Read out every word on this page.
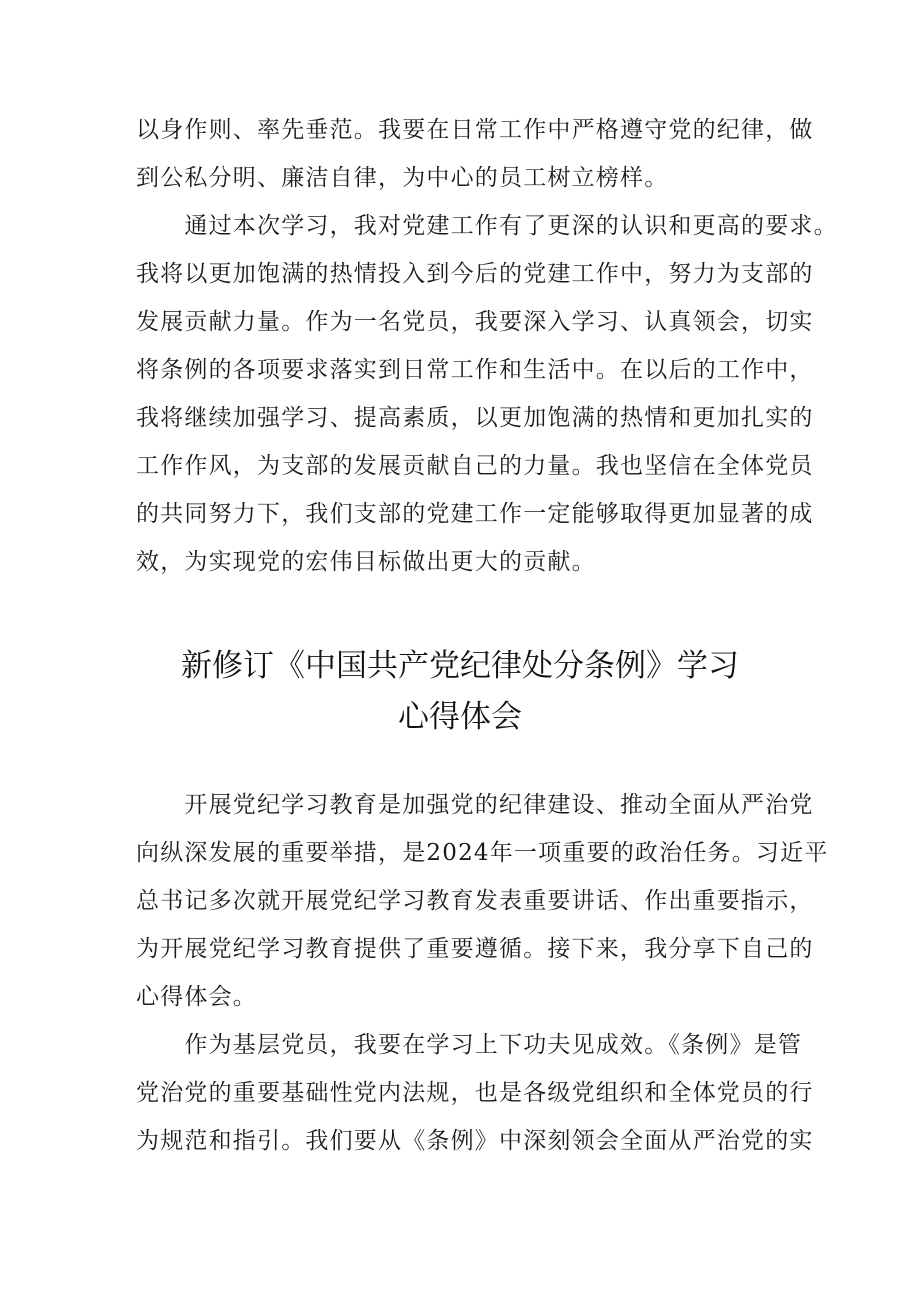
以身作则、率先垂范。我要在日常工作中严格遵守党的纪律，做
到公私分明、廉洁自律，为中心的员工树立榜样。
　　通过本次学习，我对党建工作有了更深的认识和更高的要求。
我将以更加饱满的热情投入到今后的党建工作中，努力为支部的
发展贡献力量。作为一名党员，我要深入学习、认真领会，切实
将条例的各项要求落实到日常工作和生活中。在以后的工作中，
我将继续加强学习、提高素质，以更加饱满的热情和更加扎实的
工作作风，为支部的发展贡献自己的力量。我也坚信在全体党员
的共同努力下，我们支部的党建工作一定能够取得更加显著的成
效，为实现党的宏伟目标做出更大的贡献。
新修订《中国共产党纪律处分条例》学习
心得体会
　　开展党纪学习教育是加强党的纪律建设、推动全面从严治党
向纵深发展的重要举措，是2024年一项重要的政治任务。习近平
总书记多次就开展党纪学习教育发表重要讲话、作出重要指示，
为开展党纪学习教育提供了重要遵循。接下来，我分享下自己的
心得体会。
　　作为基层党员，我要在学习上下功夫见成效。《条例》是管
党治党的重要基础性党内法规，也是各级党组织和全体党员的行
为规范和指引。我们要从《条例》中深刻领会全面从严治党的实
